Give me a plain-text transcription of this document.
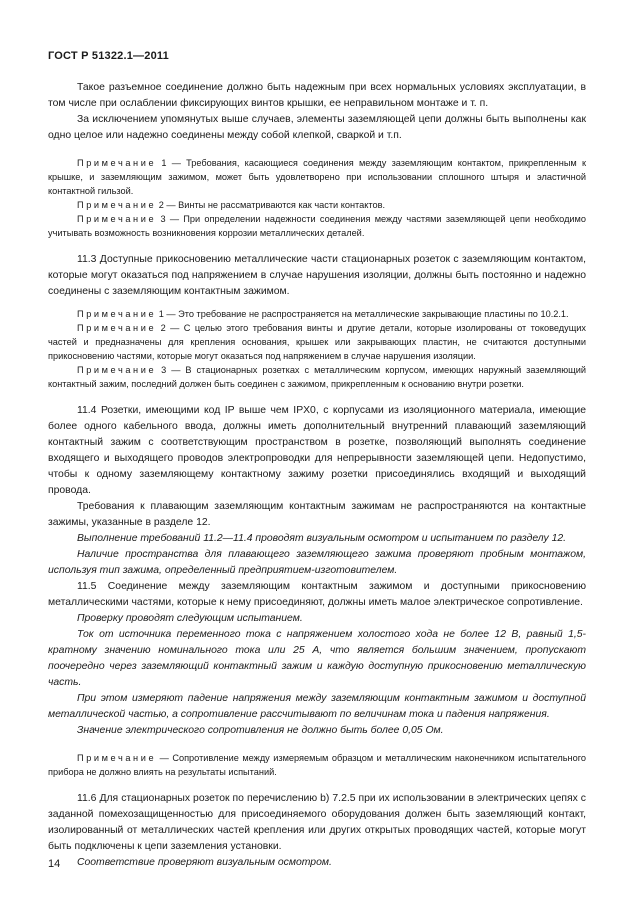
ГОСТ Р 51322.1—2011

Такое разъемное соединение должно быть надежным при всех нормальных условиях эксплуатации, в том числе при ослаблении фиксирующих винтов крышки, ее неправильном монтаже и т. п.

За исключением упомянутых выше случаев, элементы заземляющей цепи должны быть выполнены как одно целое или надежно соединены между собой клепкой, сваркой и т.п.

Примечание 1 — Требования, касающиеся соединения между заземляющим контактом, прикрепленным к крышке, и заземляющим зажимом, может быть удовлетворено при использовании сплошного штыря и эластичной контактной гильзой.

Примечание 2 — Винты не рассматриваются как части контактов.

Примечание 3 — При определении надежности соединения между частями заземляющей цепи необходимо учитывать возможность возникновения коррозии металлических деталей.

11.3 Доступные прикосновению металлические части стационарных розеток с заземляющим контактом, которые могут оказаться под напряжением в случае нарушения изоляции, должны быть постоянно и надежно соединены с заземляющим контактным зажимом.

Примечание 1 — Это требование не распространяется на металлические закрывающие пластины по 10.2.1.

Примечание 2 — С целью этого требования винты и другие детали, которые изолированы от токоведущих частей и предназначены для крепления основания, крышек или закрывающих пластин, не считаются доступными прикосновению частями, которые могут оказаться под напряжением в случае нарушения изоляции.

Примечание 3 — В стационарных розетках с металлическим корпусом, имеющих наружный заземляющий контактный зажим, последний должен быть соединен с зажимом, прикрепленным к основанию внутри розетки.

11.4 Розетки, имеющими код IP выше чем IPX0, с корпусами из изоляционного материала, имеющие более одного кабельного ввода, должны иметь дополнительный внутренний плавающий заземляющий контактный зажим с соответствующим пространством в розетке, позволяющий выполнять соединение входящего и выходящего проводов электропроводки для непрерывности заземляющей цепи. Недопустимо, чтобы к одному заземляющему контактному зажиму розетки присоединялись входящий и выходящий провода.

Требования к плавающим заземляющим контактным зажимам не распространяются на контактные зажимы, указанные в разделе 12.

Выполнение требований 11.2—11.4 проводят визуальным осмотром и испытанием по разделу 12.

Наличие пространства для плавающего заземляющего зажима проверяют пробным монтажом, используя тип зажима, определенный предприятием-изготовителем.

11.5 Соединение между заземляющим контактным зажимом и доступными прикосновению металлическими частями, которые к нему присоединяют, должны иметь малое электрическое сопротивление.

Проверку проводят следующим испытанием.

Ток от источника переменного тока с напряжением холостого хода не более 12 В, равный 1,5-кратному значению номинального тока или 25 А, что является большим значением, пропускают поочередно через заземляющий контактный зажим и каждую доступную прикосновению металлическую часть.

При этом измеряют падение напряжения между заземляющим контактным зажимом и доступной металлической частью, а сопротивление рассчитывают по величинам тока и падения напряжения.

Значение электрического сопротивления не должно быть более 0,05 Ом.

Примечание — Сопротивление между измеряемым образцом и металлическим наконечником испытательного прибора не должно влиять на результаты испытаний.

11.6 Для стационарных розеток по перечислению b) 7.2.5 при их использовании в электрических цепях с заданной помехозащищенностью для присоединяемого оборудования должен быть заземляющий контакт, изолированный от металлических частей крепления или других открытых проводящих частей, которые могут быть подключены к цепи заземления установки.

Соответствие проверяют визуальным осмотром.

14
